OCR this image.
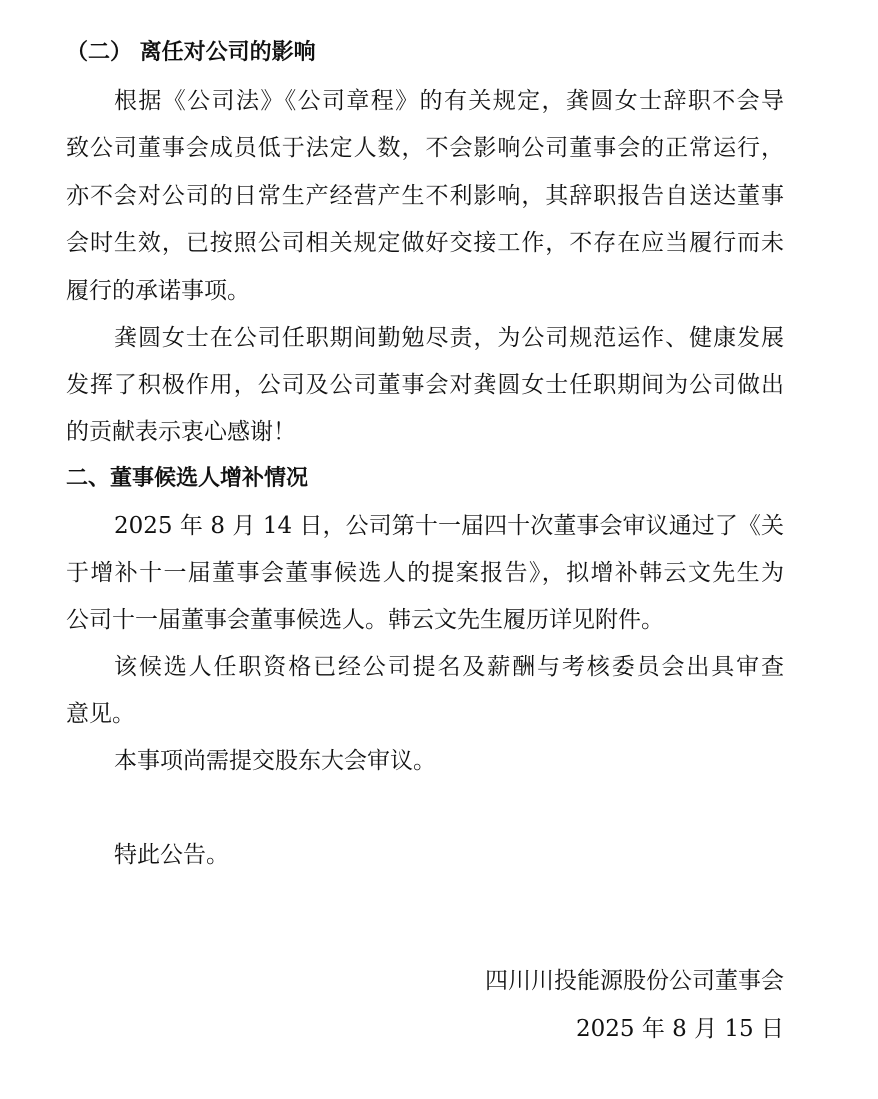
（二） 离任对公司的影响
根据《公司法》《公司章程》的有关规定，龚圆女士辞职不会导
致公司董事会成员低于法定人数，不会影响公司董事会的正常运行，
亦不会对公司的日常生产经营产生不利影响，其辞职报告自送达董事
会时生效，已按照公司相关规定做好交接工作，不存在应当履行而未
履行的承诺事项。
龚圆女士在公司任职期间勤勉尽责，为公司规范运作、健康发展
发挥了积极作用，公司及公司董事会对龚圆女士任职期间为公司做出
的贡献表示衷心感谢！
二、董事候选人增补情况
2025 年 8 月 14 日，公司第十一届四十次董事会审议通过了《关
于增补十一届董事会董事候选人的提案报告》，拟增补韩云文先生为
公司十一届董事会董事候选人。韩云文先生履历详见附件。
该候选人任职资格已经公司提名及薪酬与考核委员会出具审查
意见。
本事项尚需提交股东大会审议。
特此公告。
四川川投能源股份公司董事会
2025 年 8 月 15 日
